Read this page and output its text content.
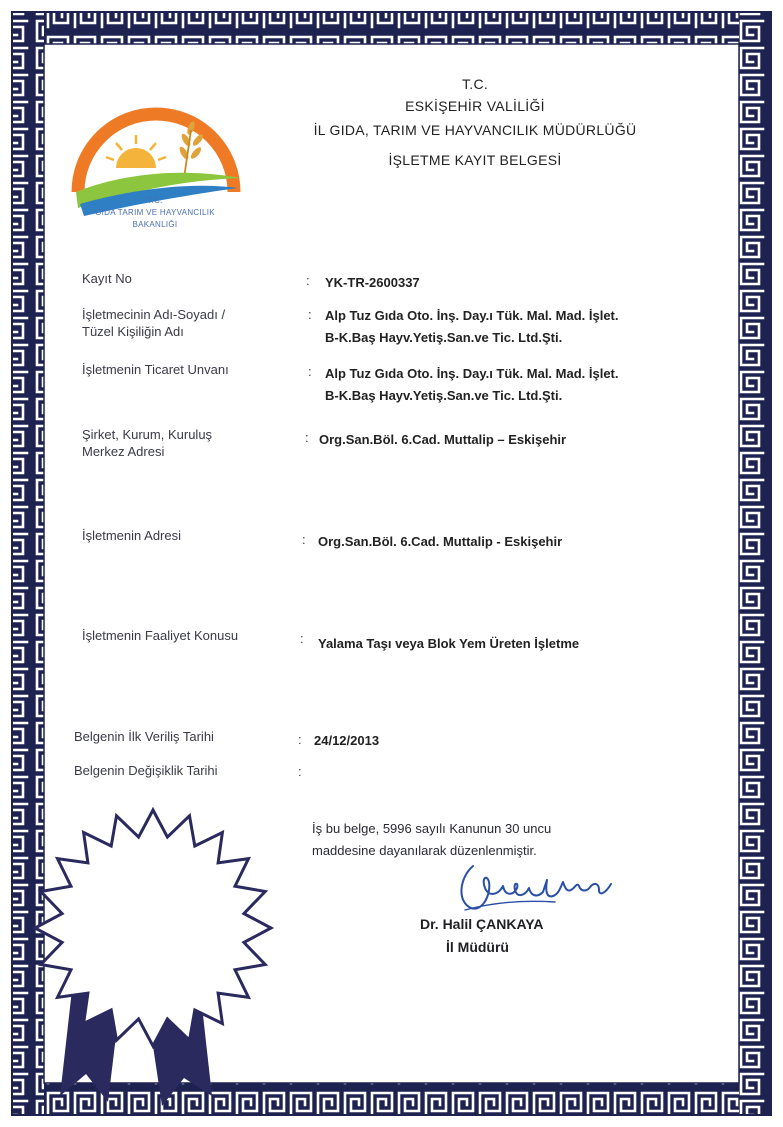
T.C.
GIDA TARIM VE HAYVANCILIK
BAKANLIĞI
T.C.
ESKİŞEHİR VALİLİĞİ
İL GIDA, TARIM VE HAYVANCILIK MÜDÜRLÜĞÜ
İŞLETME KAYIT BELGESİ
Kayıt No	: YK-TR-2600337
İşletmecinin Adı-Soyadı /
Tüzel Kişiliğin Adı
: Alp Tuz Gıda Oto. İnş. Day.ı Tük. Mal. Mad. İşlet.
B-K.Baş Hayv.Yetiş.San.ve Tic. Ltd.Şti.
İşletmenin Ticaret Unvanı	: Alp Tuz Gıda Oto. İnş. Day.ı Tük. Mal. Mad. İşlet.
B-K.Baş Hayv.Yetiş.San.ve Tic. Ltd.Şti.
Şirket, Kurum, Kuruluş
Merkez Adresi
: Org.San.Böl. 6.Cad. Muttalip – Eskişehir
İşletmenin Adresi	: Org.San.Böl. 6.Cad. Muttalip - Eskişehir
İşletmenin Faaliyet Konusu	: Yalama Taşı veya Blok Yem Üreten İşletme
Belgenin İlk Veriliş Tarihi	: 24/12/2013
Belgenin Değişiklik Tarihi	:
İş bu belge, 5996 sayılı Kanunun 30 uncu
maddesine dayanılarak düzenlenmiştir.
Dr. Halil ÇANKAYA
İl Müdürü
